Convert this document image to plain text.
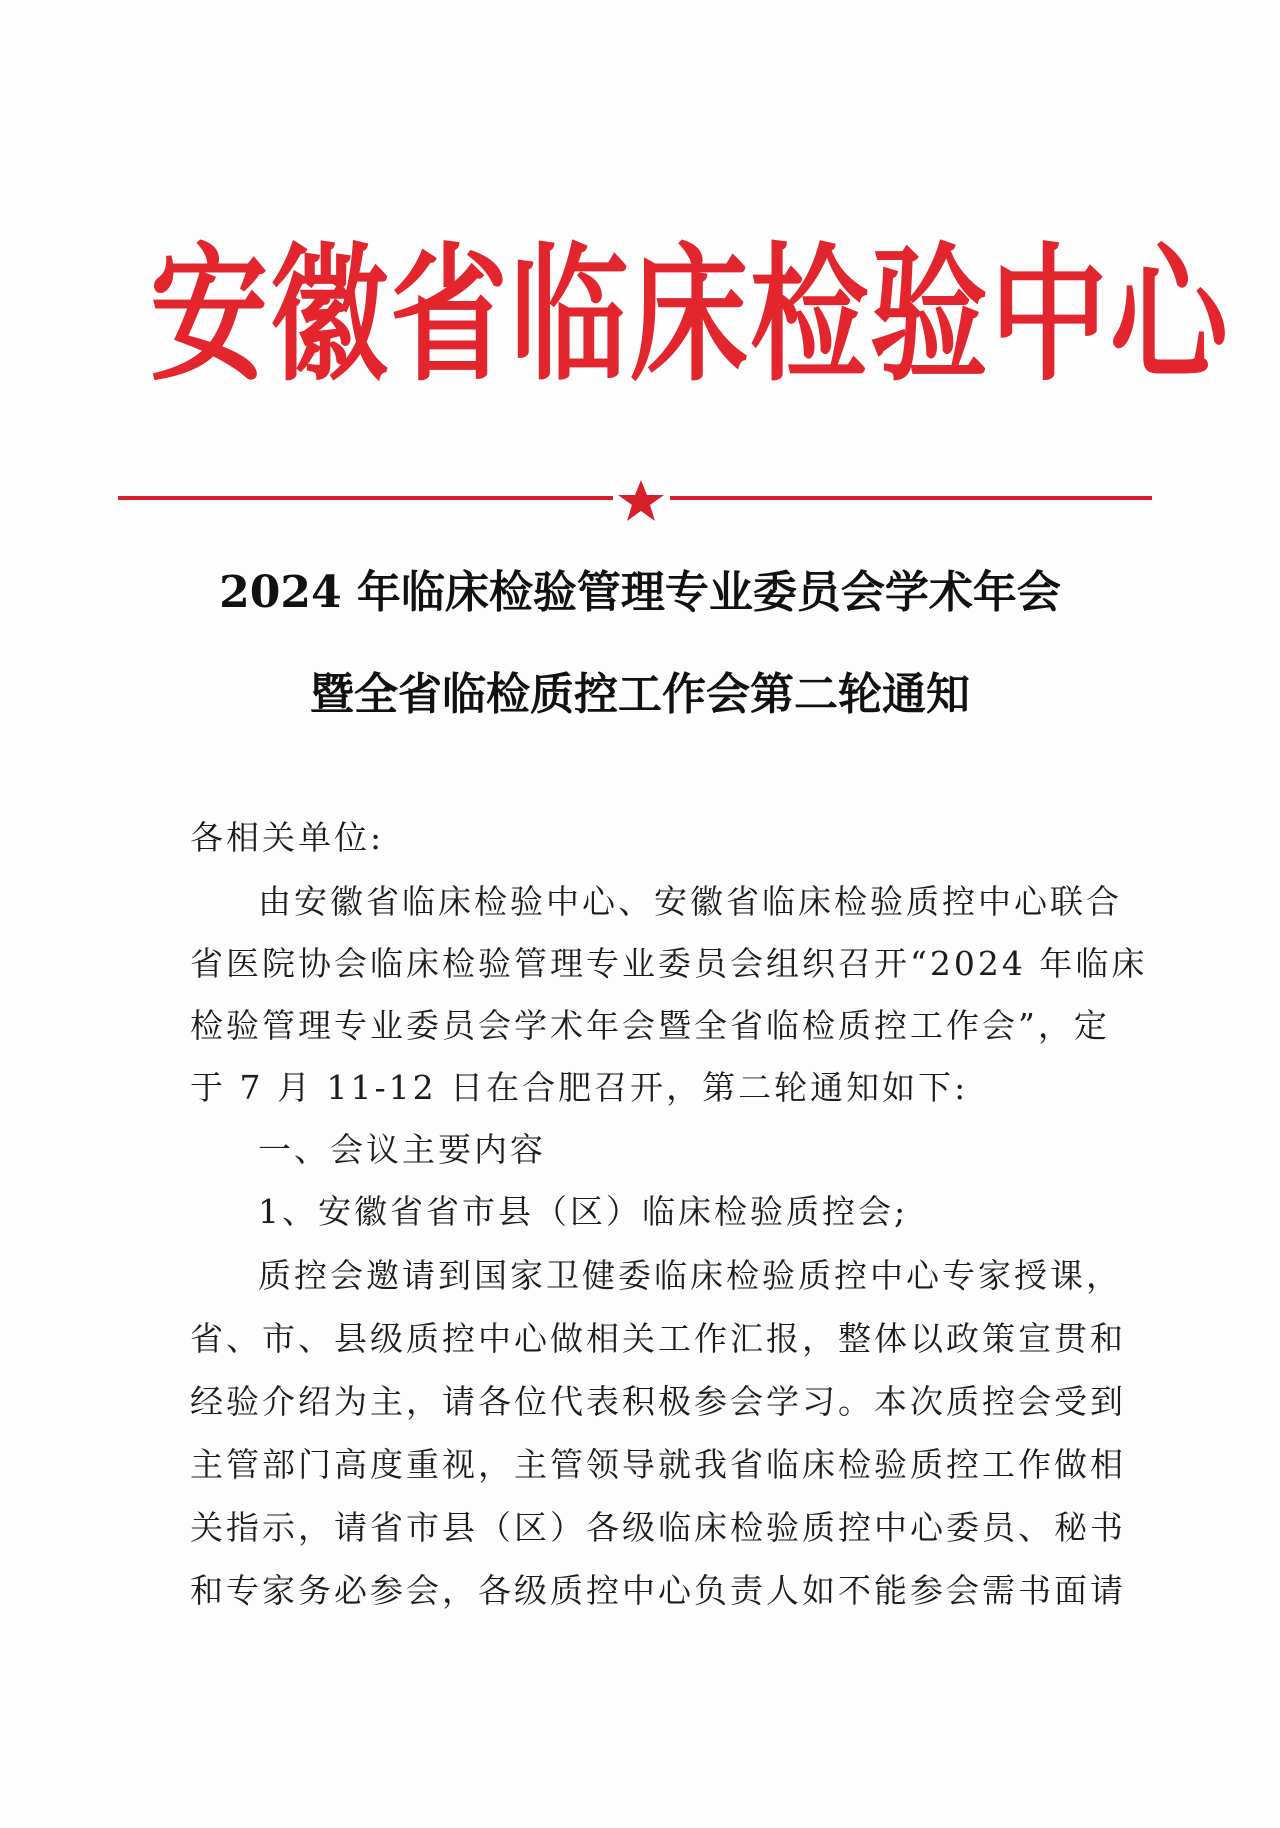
安徽省临床检验中心
2024 年临床检验管理专业委员会学术年会
暨全省临检质控工作会第二轮通知
各相关单位:
由安徽省临床检验中心、安徽省临床检验质控中心联合
省医院协会临床检验管理专业委员会组织召开“2024 年临床
检验管理专业委员会学术年会暨全省临检质控工作会”，定
于 7 月 11-12 日在合肥召开，第二轮通知如下:
一、会议主要内容
1、安徽省省市县（区）临床检验质控会;
质控会邀请到国家卫健委临床检验质控中心专家授课，
省、市、县级质控中心做相关工作汇报，整体以政策宣贯和
经验介绍为主，请各位代表积极参会学习。本次质控会受到
主管部门高度重视，主管领导就我省临床检验质控工作做相
关指示，请省市县（区）各级临床检验质控中心委员、秘书
和专家务必参会，各级质控中心负责人如不能参会需书面请
